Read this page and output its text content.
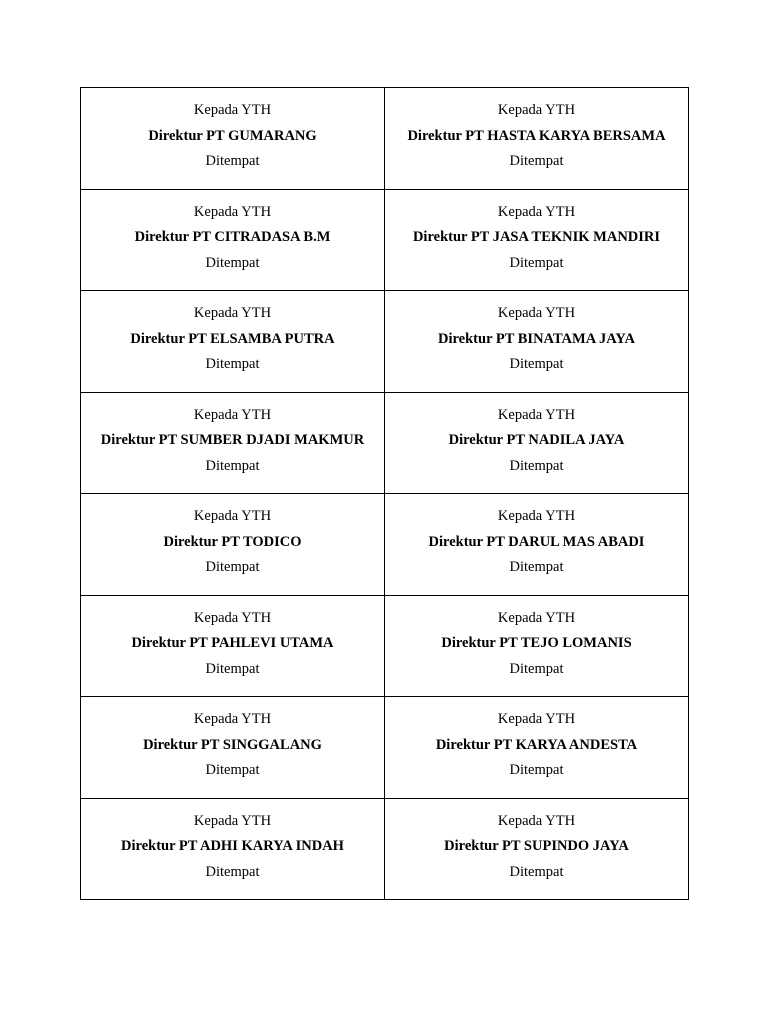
Kepada YTH
Direktur PT GUMARANG
Ditempat	Kepada YTH
Direktur PT HASTA KARYA BERSAMA
Ditempat

Kepada YTH
Direktur PT CITRADASA B.M
Ditempat	Kepada YTH
Direktur PT JASA TEKNIK MANDIRI
Ditempat

Kepada YTH
Direktur PT ELSAMBA PUTRA
Ditempat	Kepada YTH
Direktur PT BINATAMA JAYA
Ditempat

Kepada YTH
Direktur PT SUMBER DJADI MAKMUR
Ditempat	Kepada YTH
Direktur PT NADILA JAYA
Ditempat

Kepada YTH
Direktur PT TODICO
Ditempat	Kepada YTH
Direktur PT DARUL MAS ABADI
Ditempat

Kepada YTH
Direktur PT PAHLEVI UTAMA
Ditempat	Kepada YTH
Direktur PT TEJO LOMANIS
Ditempat

Kepada YTH
Direktur PT SINGGALANG
Ditempat	Kepada YTH
Direktur PT KARYA ANDESTA
Ditempat

Kepada YTH
Direktur PT ADHI KARYA INDAH
Ditempat	Kepada YTH
Direktur PT SUPINDO JAYA
Ditempat
